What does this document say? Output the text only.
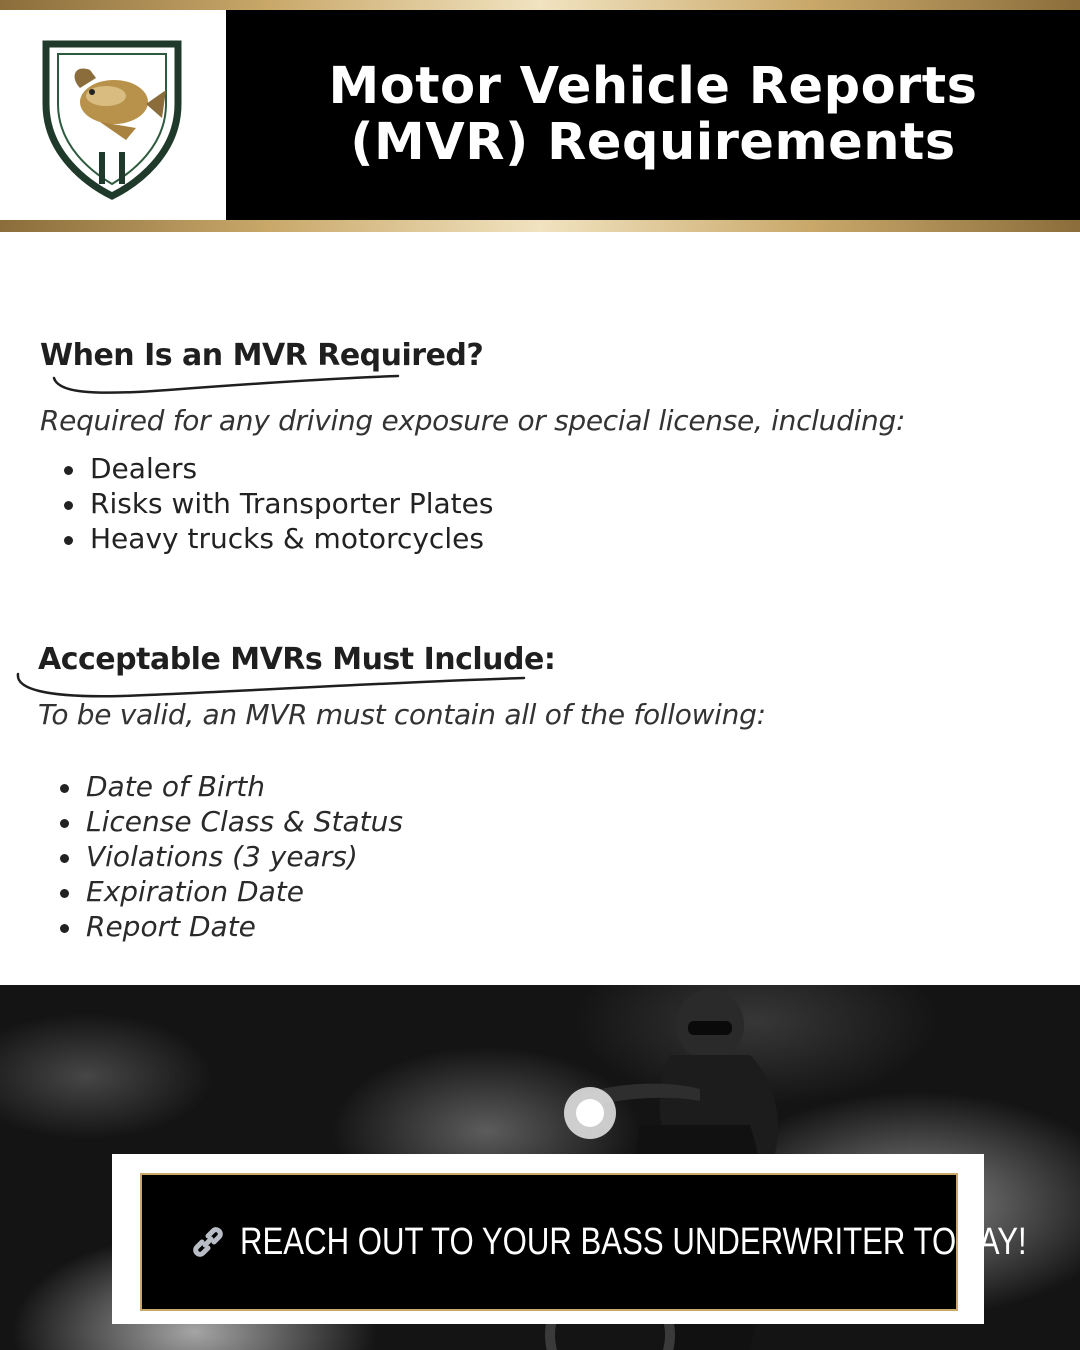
Motor Vehicle Reports
(MVR) Requirements
When Is an MVR Required?
Required for any driving exposure or special license, including:
Dealers
Risks with Transporter Plates
Heavy trucks & motorcycles
Acceptable MVRs Must Include:
To be valid, an MVR must contain all of the following:
Date of Birth
License Class & Status
Violations (3 years)
Expiration Date
Report Date
REACH OUT TO YOUR BASS UNDERWRITER TODAY!
